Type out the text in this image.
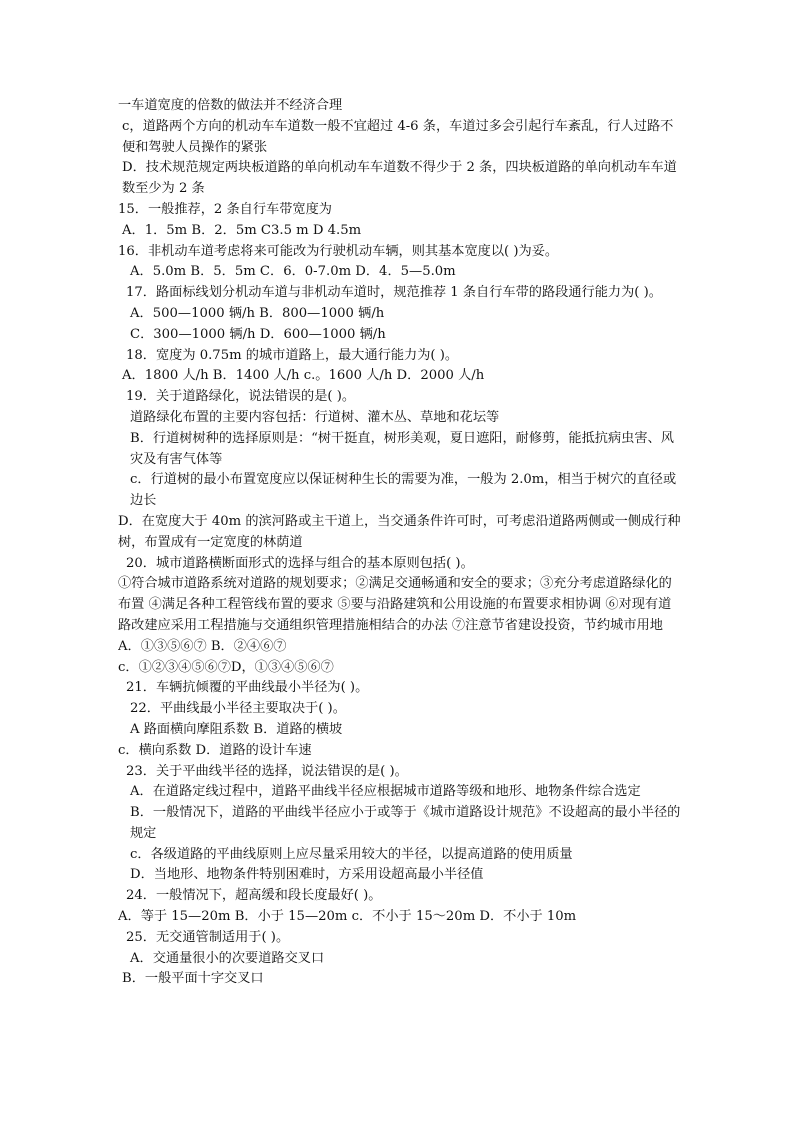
一车道宽度的倍数的做法并不经济合理
c，道路两个方向的机动车车道数一般不宜超过 4-6 条，车道过多会引起行车紊乱，行人过路不便和驾驶人员操作的紧张
D．技术规范规定两块板道路的单向机动车车道数不得少于 2 条，四块板道路的单向机动车车道数至少为 2 条
15．一般推荐，2 条自行车带宽度为
A．1．5m B．2．5m C3.5 m D 4.5m
16．非机动车道考虑将来可能改为行驶机动车辆，则其基本宽度以( )为妥。
A．5.0m B．5．5m C．6．0-7.0m D．4．5—5.0m
17．路面标线划分机动车道与非机动车道时，规范推荐 1 条自行车带的路段通行能力为( )。
A．500—1000 辆/h B．800—1000 辆/h
C．300—1000 辆/h D．600—1000 辆/h
18．宽度为 0.75m 的城市道路上，最大通行能力为( )。
A．1800 人/h B．1400 人/h c.。1600 人/h D．2000 人/h
19．关于道路绿化，说法错误的是( )。
道路绿化布置的主要内容包括：行道树、灌木丛、草地和花坛等
B．行道树树种的选择原则是：“树干挺直，树形美观，夏日遮阳，耐修剪，能抵抗病虫害、风灾及有害气体等
c．行道树的最小布置宽度应以保证树种生长的需要为准，一般为 2.0m，相当于树穴的直径或边长
D．在宽度大于 40m 的滨河路或主干道上，当交通条件许可时，可考虑沿道路两侧或一侧成行种树，布置成有一定宽度的林荫道
20．城市道路横断面形式的选择与组合的基本原则包括( )。
①符合城市道路系统对道路的规划要求；②满足交通畅通和安全的要求；③充分考虑道路绿化的布置 ④满足各种工程管线布置的要求 ⑤要与沿路建筑和公用设施的布置要求相协调 ⑥对现有道路改建应采用工程措施与交通组织管理措施相结合的办法 ⑦注意节省建设投资，节约城市用地
A．①③⑤⑥⑦ B．②④⑥⑦
c．①②③④⑤⑥⑦D，①③④⑤⑥⑦
21．车辆抗倾覆的平曲线最小半径为( )。
22．平曲线最小半径主要取决于( )。
A 路面横向摩阻系数 B．道路的横坡
c．横向系数 D．道路的设计车速
23．关于平曲线半径的选择，说法错误的是( )。
A．在道路定线过程中，道路平曲线半径应根据城市道路等级和地形、地物条件综合选定
B．一般情况下，道路的平曲线半径应小于或等于《城市道路设计规范》不设超高的最小半径的规定
c．各级道路的平曲线原则上应尽量采用较大的半径，以提高道路的使用质量
D．当地形、地物条件特别困难时，方采用设超高最小半径值
24．一般情况下，超高缓和段长度最好( )。
A．等于 15—20m B．小于 15—20m c．不小于 15～20m D．不小于 10m
25．无交通管制适用于( )。
A．交通量很小的次要道路交叉口
B．一般平面十字交叉口
